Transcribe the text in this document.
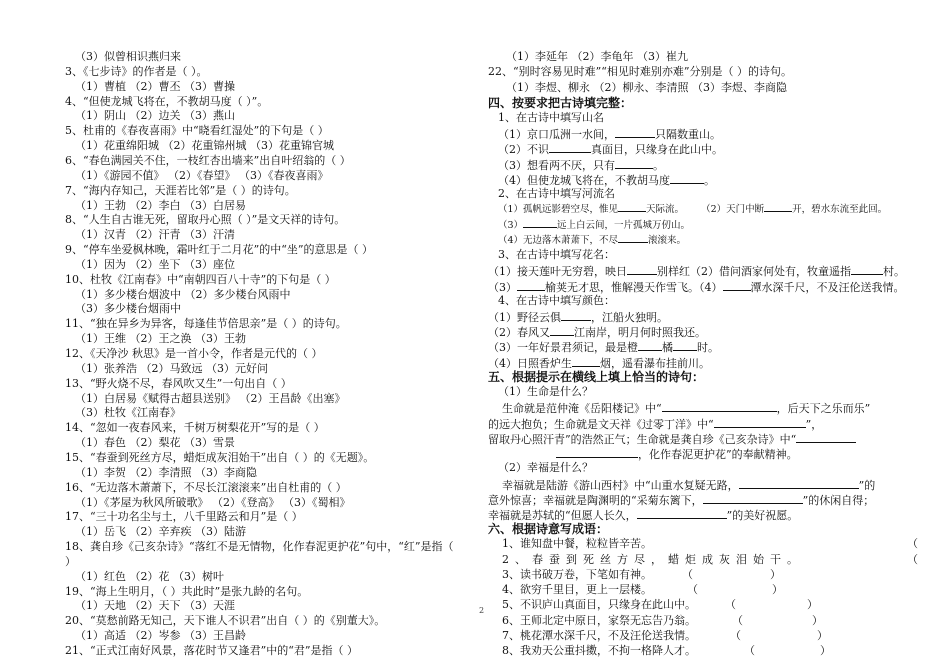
（3）似曾相识燕归来
3、《七步诗》的作者是（ ）。
（1）曹植 （2）曹丕 （3）曹操
4、“但使龙城飞将在，不教胡马度（ ）”。
（1）阴山 （2）边关 （3）燕山
5、杜甫的《春夜喜雨》中“晓看红湿处”的下句是（ ）
（1）花重绵阳城 （2）花重锦州城 （3）花重锦官城
6、“春色满园关不住，一枝红杏出墙来”出自叶绍翁的（ ）
（1）《游园不值》 （2）《春望》 （3）《春夜喜雨》
7、“海内存知己，天涯若比邻”是（ ）的诗句。
（1）王勃 （2）李白 （3）白居易
8、“人生自古谁无死，留取丹心照（ ）”是文天祥的诗句。
（1）汉青 （2）汗青 （3）汗清
9、“停车坐爱枫林晚，霜叶红于二月花”的中“坐”的意思是（ ）
（1）因为 （2）坐下 （3）座位
10、杜牧《江南春》中“南朝四百八十寺”的下句是（ ）
（1）多少楼台烟波中 （2）多少楼台风雨中
（3）多少楼台烟雨中
11、“独在异乡为异客，每逢佳节倍思亲”是（ ）的诗句。
（1）王维 （2）王之涣 （3）王勃
12、《天净沙 秋思》是一首小令，作者是元代的（ ）
（1）张养浩 （2）马致远 （3）元好问
13、“野火烧不尽，春风吹又生”一句出自（ ）
（1）白居易《赋得古超县送别》 （2）王昌龄《出塞》
（3）杜牧《江南春》
14、“忽如一夜春风来，千树万树梨花开”写的是（ ）
（1）春色 （2）梨花 （3）雪景
15、“春蚕到死丝方尽，蜡炬成灰泪始干”出自（ ）的《无题》。
（1）李贺 （2）李清照 （3）李商隐
16、“无边落木萧萧下，不尽长江滚滚来”出自杜甫的（ ）
（1）《茅屋为秋风所破歌》 （2）《登高》 （3）《蜀相》
17、“三十功名尘与土，八千里路云和月”是（ ）
（1）岳飞 （2）辛弃疾 （3）陆游
18、龚自珍《己亥杂诗》“落红不是无情物，化作春泥更护花”句中，“红”是指（
）
（1）红色 （2）花 （3）树叶
19、“海上生明月，（ ）共此时”是张九龄的名句。
（1）天地 （2）天下 （3）天涯
20、“莫愁前路无知己，天下谁人不识君”出自（ ）的《别董大》。
（1）高适 （2）岑参 （3）王昌龄
21、“正式江南好风景，落花时节又逢君”中的“君”是指（ ）
（1）李延年 （2）李龟年 （3）崔九
22、“别时容易见时难”“相见时难别亦难”分别是（ ）的诗句。
（1）李煜、柳永 （2）柳永、李清照 （3）李煜、李商隐
四、按要求把古诗填完整：
1、在古诗中填写山名
（1）京口瓜洲一水间，	只隔数重山。
（2）不识	真面目，只缘身在此山中。
（3）想看两不厌，只有	。
（4）但使龙城飞将在，不教胡马度	。
2、在古诗中填写河流名
（1）孤帆远影碧空尽，惟见	天际流。 （2）天门中断	开，碧水东流至此回。
（3）	远上白云间，一片孤城万仞山。
（4）无边落木萧萧下，不尽	滚滚来。
3、在古诗中填写花名：
（1）接天莲叶无穷碧，映日	别样红（2）借问酒家何处有，牧童遥指	村。
（3）	榆荚无才思，惟解漫天作雪飞。（4）	潭水深千尺，不及汪伦送我情。
4、在古诗中填写颜色：
（1）野径云俱	，江船火独明。
（2）春风又 江南岸，明月何时照我还。
（3）一年好景君须记，最是橙 橘 时。
（4）日照香炉生	烟，遥看瀑布挂前川。
五、根据提示在横线上填上恰当的诗句：
（1）生命是什么？
生命就是范仲淹《岳阳楼记》中“	，后天下之乐而乐”
的远大抱负；生命就是文天祥《过零丁洋》中“	”，
留取丹心照汗青”的浩然正气；生命就是龚自珍《己亥杂诗》中“
，化作春泥更护花”的奉献精神。
（2）幸福是什么？
幸福就是陆游《游山西村》中“山重水复疑无路，	”的
意外惊喜；幸福就是陶渊明的“采菊东篱下，	”的休闲自得；
幸福就是苏轼的“但愿人长久，	”的美好祝愿。
六、根据诗意写成语：
1、谁知盘中餐，粒粒皆辛苦。	（
2、春蚕到死丝方尽，蜡炬成灰泪始干。	（
3、读书破万卷，下笔如有神。	（	）
4、欲穷千里目，更上一层楼。	（	）
5、不识庐山真面目，只缘身在此山中。	（	）
6、王师北定中原日，家祭无忘告乃翁。	（	）
7、桃花潭水深千尺，不及汪伦送我情。	（	）
8、我劝天公重抖擞，不拘一格降人才。	（	）
2
